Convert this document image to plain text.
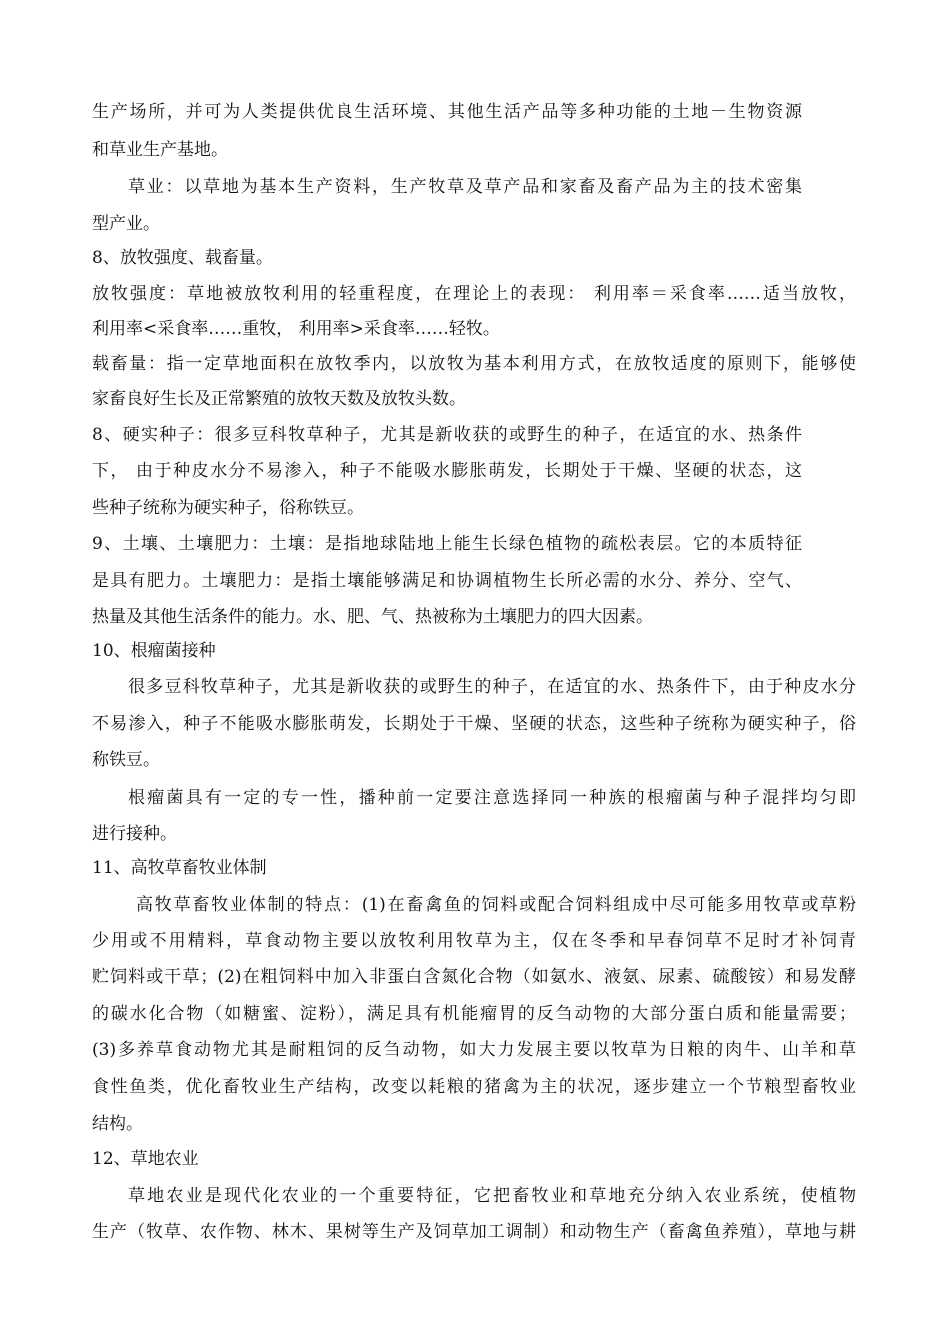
生产场所，并可为人类提供优良生活环境、其他生活产品等多种功能的土地－生物资源
和草业生产基地。
草业：以草地为基本生产资料，生产牧草及草产品和家畜及畜产品为主的技术密集
型产业。
8、放牧强度、载畜量。
放牧强度：草地被放牧利用的轻重程度，在理论上的表现： 利用率＝采食率……适当放牧，
利用率<采食率……重牧， 利用率>采食率……轻牧。
载畜量：指一定草地面积在放牧季内，以放牧为基本利用方式，在放牧适度的原则下，能够使
家畜良好生长及正常繁殖的放牧天数及放牧头数。
8、硬实种子：很多豆科牧草种子，尤其是新收获的或野生的种子，在适宜的水、热条件
下， 由于种皮水分不易渗入，种子不能吸水膨胀萌发，长期处于干燥、坚硬的状态，这
些种子统称为硬实种子，俗称铁豆。
9、土壤、土壤肥力：土壤：是指地球陆地上能生长绿色植物的疏松表层。它的本质特征
是具有肥力。土壤肥力：是指土壤能够满足和协调植物生长所必需的水分、养分、空气、
热量及其他生活条件的能力。水、肥、气、热被称为土壤肥力的四大因素。
10、根瘤菌接种
很多豆科牧草种子，尤其是新收获的或野生的种子，在适宜的水、热条件下，由于种皮水分
不易渗入，种子不能吸水膨胀萌发，长期处于干燥、坚硬的状态，这些种子统称为硬实种子，俗
称铁豆。
根瘤菌具有一定的专一性，播种前一定要注意选择同一种族的根瘤菌与种子混拌均匀即
进行接种。
11、高牧草畜牧业体制
高牧草畜牧业体制的特点：(1)在畜禽鱼的饲料或配合饲料组成中尽可能多用牧草或草粉
少用或不用精料，草食动物主要以放牧利用牧草为主，仅在冬季和早春饲草不足时才补饲青
贮饲料或干草；(2)在粗饲料中加入非蛋白含氮化合物（如氨水、液氨、尿素、硫酸铵）和易发酵
的碳水化合物（如糖蜜、淀粉），满足具有机能瘤胃的反刍动物的大部分蛋白质和能量需要；
(3)多养草食动物尤其是耐粗饲的反刍动物，如大力发展主要以牧草为日粮的肉牛、山羊和草
食性鱼类，优化畜牧业生产结构，改变以耗粮的猪禽为主的状况，逐步建立一个节粮型畜牧业
结构。
12、草地农业
草地农业是现代化农业的一个重要特征，它把畜牧业和草地充分纳入农业系统，使植物
生产（牧草、农作物、林木、果树等生产及饲草加工调制）和动物生产（畜禽鱼养殖），草地与耕
